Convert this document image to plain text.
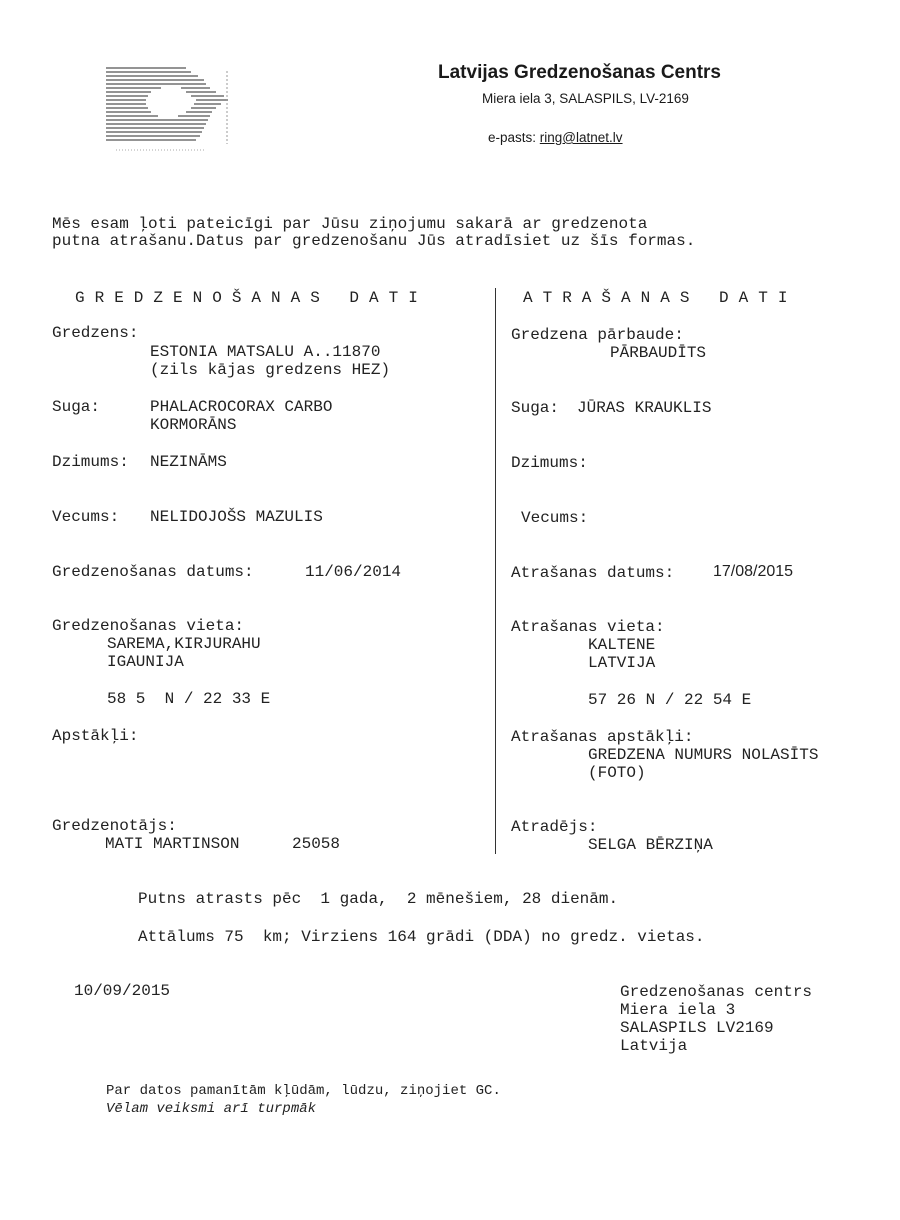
Latvijas Gredzenošanas Centrs
Miera iela 3, SALASPILS, LV-2169
e-pasts: ring@latnet.lv
Mēs esam ļoti pateicīgi par Jūsu ziņojumu sakarā ar gredzenota
putna atrašanu.Datus par gredzenošanu Jūs atradīsiet uz šīs formas.
GREDZENOŠANAS DATI	ATRAŠANAS DATI
Gredzens:
ESTONIA MATSALU A..11870
(zils kājas gredzens HEZ)
Suga:	PHALACROCORAX CARBO
KORMORĀNS
Dzimums: NEZINĀMS
Vecums: NELIDOJOŠS MAZULIS
Gredzenošanas datums:	11/06/2014
Gredzenošanas vieta:
SAREMA,KIRJURAHU
IGAUNIJA
58 5  N / 22 33 E
Apstākļi:
Gredzenotājs:
MATI MARTINSON	25058
Gredzena pārbaude:
PĀRBAUDĪTS
Suga: JŪRAS KRAUKLIS
Dzimums:
Vecums:
Atrašanas datums: 17/08/2015
Atrašanas vieta:
KALTENE
LATVIJA
57 26 N / 22 54 E
Atrašanas apstākļi:
GREDZENA NUMURS NOLASĪTS
(FOTO)
Atradējs:
SELGA BĒRZIŅA
Putns atrasts pēc  1 gada,  2 mēnešiem, 28 dienām.
Attālums 75  km; Virziens 164 grādi (DDA) no gredz. vietas.
10/09/2015	Gredzenošanas centrs
Miera iela 3
SALASPILS LV2169
Latvija
Par datos pamanītām kļūdām, lūdzu, ziņojiet GC.
Vēlam veiksmi arī turpmāk
